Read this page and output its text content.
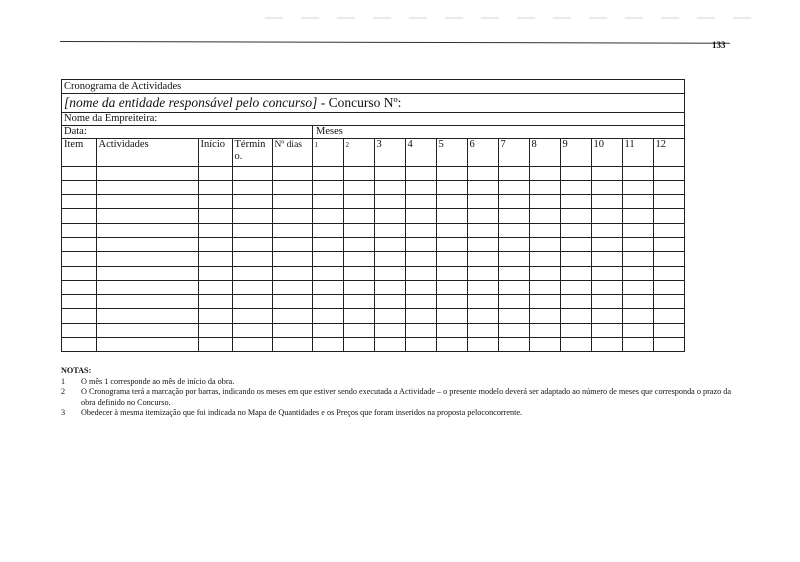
133
Cronograma de Actividades
[nome da entidade responsável pelo concurso] - Concurso Nº:
Nome da Empreiteira:
Data:	Meses
Item	Actividades	Início	Términ o.	Nº dias	1	2	3	4	5	6	7	8	9	10	11	12

NOTAS:
1	O mês 1 corresponde ao mês de início da obra.
2	O Cronograma terá a marcação por barras, indicando os meses em que estiver sendo executada a Actividade – o presente modelo deverá ser adaptado ao número de meses que corresponda o prazo da obra definido no Concurso.
3	Obedecer à mesma itemização que foi indicada no Mapa de Quantidades e os Preços que foram inseridos na proposta peloconcorrente.
